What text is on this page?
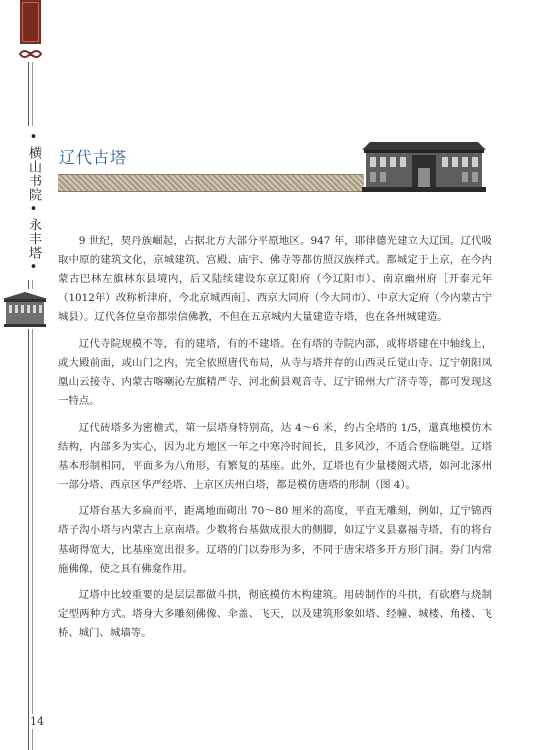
•横山书院•永丰塔•
14
辽代古塔

9 世纪，契丹族崛起，占据北方大部分平原地区。947 年，耶律德光建立大辽国。辽代吸取中原的建筑文化，京城建筑、宫殿、庙宇、佛寺等都仿照汉族样式。都城定于上京，在今内蒙古巴林左旗林东县境内，后又陆续建设东京辽阳府（今辽阳市）、南京幽州府［开泰元年（1012年）改称析津府，今北京城西南］、西京大同府（今大同市）、中京大定府（今内蒙古宁城县）。辽代各位皇帝都崇信佛教，不但在五京城内大量建造寺塔，也在各州城建造。

辽代寺院规模不等，有的建塔，有的不建塔。在有塔的寺院内部，或将塔建在中轴线上，或大殿前面，或山门之内，完全依照唐代布局，从寺与塔并存的山西灵丘觉山寺、辽宁朝阳凤凰山云接寺、内蒙古喀喇沁左旗精严寺、河北蓟县观音寺、辽宁锦州大广济寺等，都可发现这一特点。

辽代砖塔多为密檐式，第一层塔身特别高，达 4～6 米，约占全塔的 1/5，還真地模仿木结构，内部多为实心，因为北方地区一年之中寒冷时间长，且多风沙，不适合登临眺望。辽塔基本形制相同，平面多为八角形，有繁复的基座。此外，辽塔也有少量楼阁式塔，如河北涿州一部分塔、西京区华严经塔、上京区庆州白塔，都是模仿唐塔的形制（图 4）。

辽塔台基大多扁而平，距离地面砌出 70～80 厘米的高度，平直无雕刻，例如，辽宁锦西塔子沟小塔与内蒙古上京南塔。少数将台基做成很大的侧脚，如辽宁义县嘉福寺塔，有的将台基砌得宽大，比基座宽出很多。辽塔的门以券形为多，不同于唐宋塔多开方形门洞。券门内常施佛像，使之具有佛龛作用。

辽塔中比较重要的是层层都做斗拱，彻底模仿木构建筑。用砖制作的斗拱，有砍磨与烧制定型两种方式。塔身大多雕刻佛像、伞盖、飞天，以及建筑形象如塔、经幢、城楼、角楼、飞桥、城门、城墙等。
